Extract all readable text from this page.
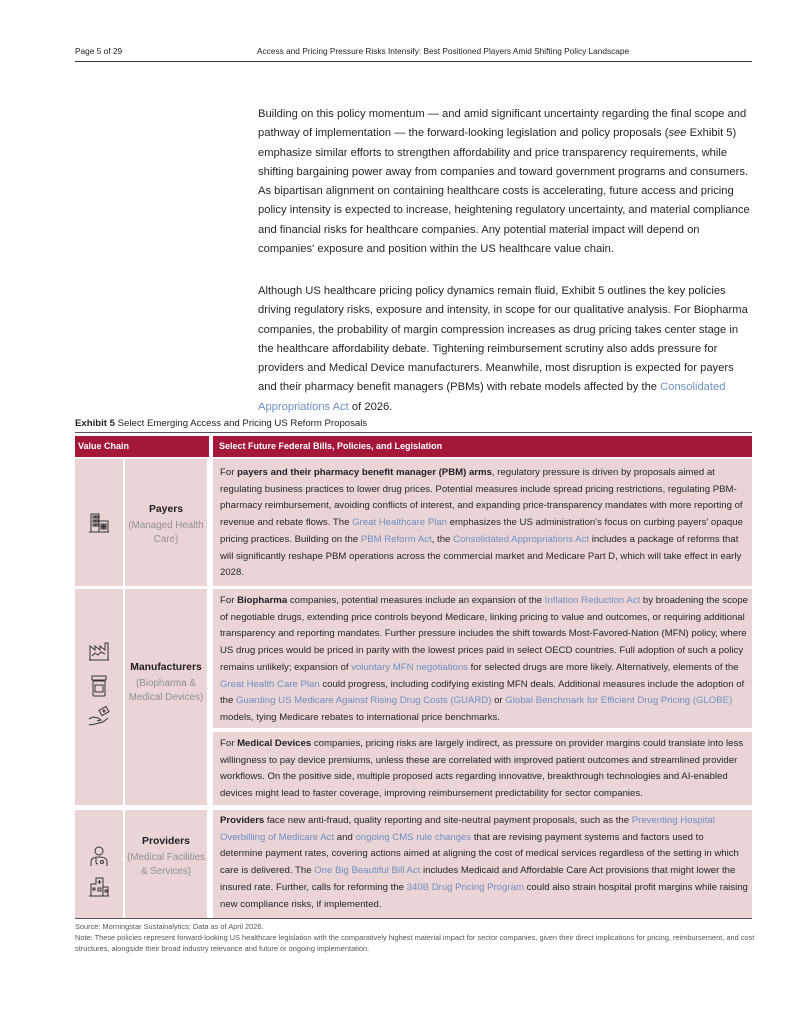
Page 5 of 29	Access and Pricing Pressure Risks Intensify: Best Positioned Players Amid Shifting Policy Landscape

Building on this policy momentum — and amid significant uncertainty regarding the final scope and pathway of implementation — the forward-looking legislation and policy proposals (see Exhibit 5) emphasize similar efforts to strengthen affordability and price transparency requirements, while shifting bargaining power away from companies and toward government programs and consumers. As bipartisan alignment on containing healthcare costs is accelerating, future access and pricing policy intensity is expected to increase, heightening regulatory uncertainty, and material compliance and financial risks for healthcare companies. Any potential material impact will depend on companies' exposure and position within the US healthcare value chain.

Although US healthcare pricing policy dynamics remain fluid, Exhibit 5 outlines the key policies driving regulatory risks, exposure and intensity, in scope for our qualitative analysis. For Biopharma companies, the probability of margin compression increases as drug pricing takes center stage in the healthcare affordability debate. Tightening reimbursement scrutiny also adds pressure for providers and Medical Device manufacturers. Meanwhile, most disruption is expected for payers and their pharmacy benefit managers (PBMs) with rebate models affected by the Consolidated Appropriations Act of 2026.

Exhibit 5 Select Emerging Access and Pricing US Reform Proposals
Value Chain	Select Future Federal Bills, Policies, and Legislation
Payers
(Managed Health Care)

For payers and their pharmacy benefit manager (PBM) arms, regulatory pressure is driven by proposals aimed at regulating business practices to lower drug prices. Potential measures include spread pricing restrictions, regulating PBM-pharmacy reimbursement, avoiding conflicts of interest, and expanding price-transparency mandates with more reporting of revenue and rebate flows. The Great Healthcare Plan emphasizes the US administration's focus on curbing payers' opaque pricing practices. Building on the PBM Reform Act, the Consolidated Appropriations Act includes a package of reforms that will significantly reshape PBM operations across the commercial market and Medicare Part D, which will take effect in early 2028.

Manufacturers
(Biopharma & Medical Devices)

For Biopharma companies, potential measures include an expansion of the Inflation Reduction Act by broadening the scope of negotiable drugs, extending price controls beyond Medicare, linking pricing to value and outcomes, or requiring additional transparency and reporting mandates. Further pressure includes the shift towards Most-Favored-Nation (MFN) policy, where US drug prices would be priced in parity with the lowest prices paid in select OECD countries. Full adoption of such a policy remains unlikely; expansion of voluntary MFN negotiations for selected drugs are more likely. Alternatively, elements of the Great Health Care Plan could progress, including codifying existing MFN deals. Additional measures include the adoption of the Guarding US Medicare Against Rising Drug Costs (GUARD) or Global Benchmark for Efficient Drug Pricing (GLOBE) models, tying Medicare rebates to international price benchmarks.

For Medical Devices companies, pricing risks are largely indirect, as pressure on provider margins could translate into less willingness to pay device premiums, unless these are correlated with improved patient outcomes and streamlined provider workflows. On the positive side, multiple proposed acts regarding innovative, breakthrough technologies and AI-enabled devices might lead to faster coverage, improving reimbursement predictability for sector companies.

Providers
(Medical Facilities & Services)

Providers face new anti-fraud, quality reporting and site-neutral payment proposals, such as the Preventing Hospital Overbilling of Medicare Act and ongoing CMS rule changes that are revising payment systems and factors used to determine payment rates, covering actions aimed at aligning the cost of medical services regardless of the setting in which care is delivered. The One Big Beautiful Bill Act includes Medicaid and Affordable Care Act provisions that might lower the insured rate. Further, calls for reforming the 340B Drug Pricing Program could also strain hospital profit margins while raising new compliance risks, if implemented.

Source: Morningstar Sustainalytics; Data as of April 2026.

Note: These policies represent forward-looking US healthcare legislation with the comparatively highest material impact for sector companies, given their direct implications for pricing, reimbursement, and cost structures, alongside their broad industry relevance and future or ongoing implementation.
